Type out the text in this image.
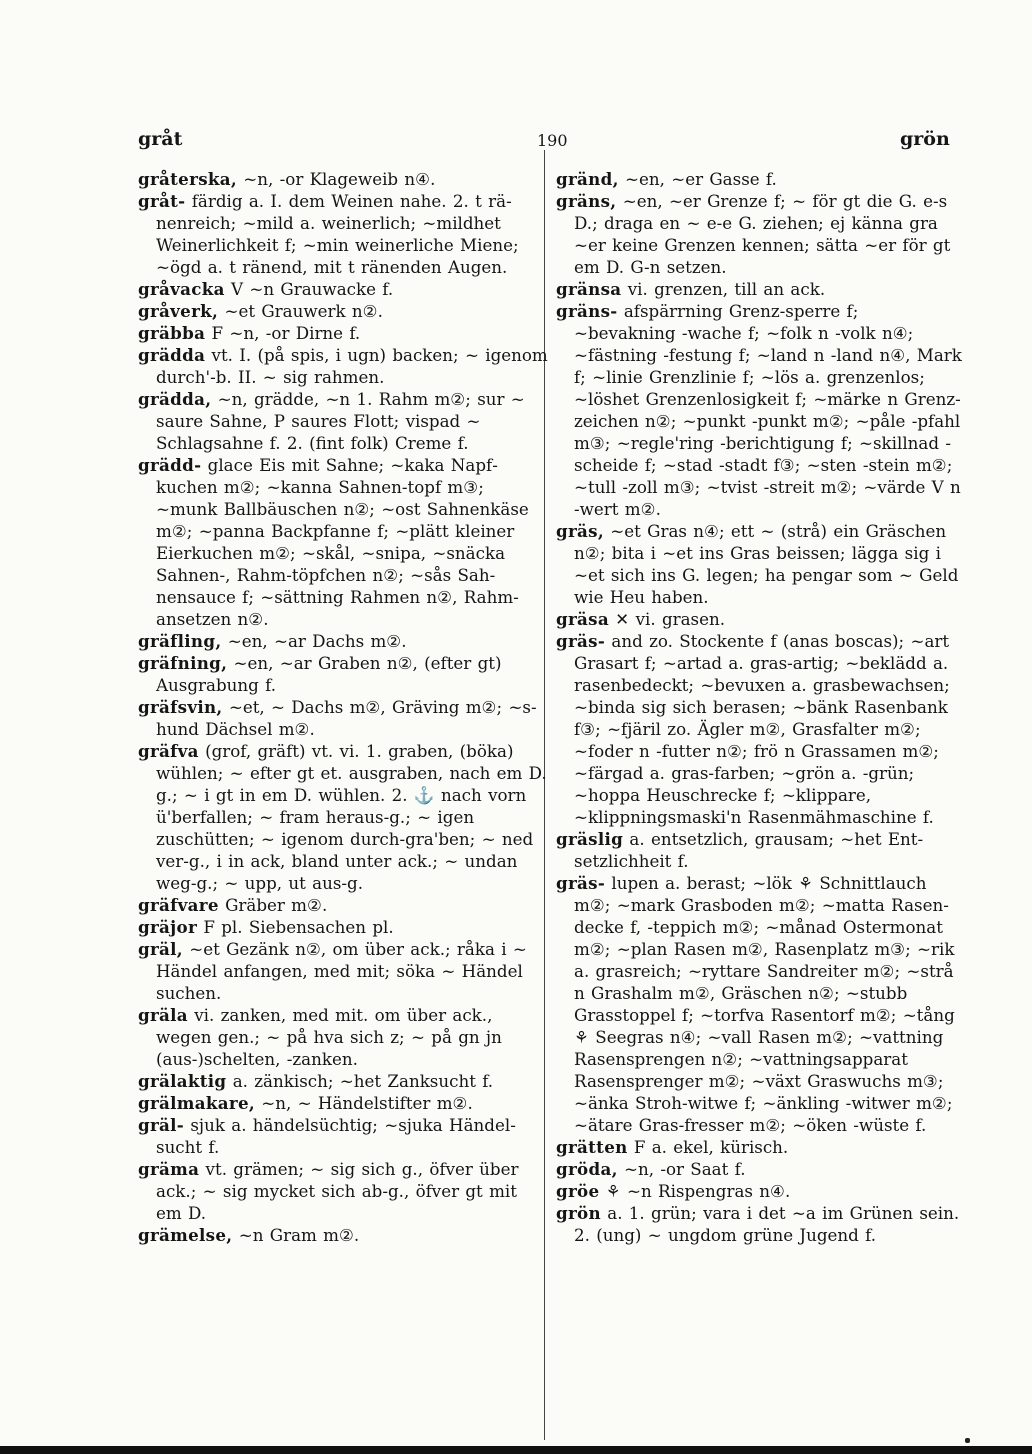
gråt	190	grön

gråterska, ~n, -or Klageweib n④.

gråt- färdig a. I. dem Weinen nahe. 2. t ränenreich; ~mild a. weinerlich; ~mildhet Weinerlichkeit f; ~min weinerliche Miene; ~ögd a. t ränend, mit t ränenden Augen.

gråvacka V ~n Grauwacke f.

gråverk, ~et Grauwerk n②.

gräbba F ~n, -or Dirne f.

grädda vt. I. (på spis, i ugn) backen; ~ igenom durch'-b. II. ~ sig rahmen.

grädda, ~n, grädde, ~n 1. Rahm m②; sur ~ saure Sahne, P saures Flott; vispad ~ Schlagsahne f. 2. (fint folk) Creme f.

grädd- glace Eis mit Sahne; ~kaka Napfkuchen m②; ~kanna Sahnen-topf m③; ~munk Ballbäuschen n②; ~ost Sahnenkäse m②; ~panna Backpfanne f; ~plätt kleiner Eierkuchen m②; ~skål, ~snipa, ~snäcka Sahnen-, Rahm-töpfchen n②; ~sås Sahnensauce f; ~sättning Rahmen n②, Rahmansetzen n②.

gräfling, ~en, ~ar Dachs m②.

gräfning, ~en, ~ar Graben n②, (efter gt) Ausgrabung f.

gräfsvin, ~et, ~ Dachs m②, Gräving m②; ~s-hund Dächsel m②.

gräfva (grof, gräft) vt. vi. 1. graben, (böka) wühlen; ~ efter gt et. ausgraben, nach em D. g.; ~ i gt in em D. wühlen. 2. ⚓ nach vorn ü'berfallen; ~ fram heraus-g.; ~ igen zuschütten; ~ igenom durch-gra'ben; ~ ned ver-g., i in ack, bland unter ack.; ~ undan weg-g.; ~ upp, ut aus-g.

gräfvare Gräber m②.

gräjor F pl. Siebensachen pl.

gräl, ~et Gezänk n②, om über ack.; råka i ~ Händel anfangen, med mit; söka ~ Händel suchen.

gräla vi. zanken, med mit. om über ack., wegen gen.; ~ på hva sich z; ~ på gn jn (aus-)schelten, -zanken.

grälaktig a. zänkisch; ~het Zanksucht f.

grälmakare, ~n, ~ Händelstifter m②.

gräl- sjuk a. händelsüchtig; ~sjuka Händelsucht f.

gräma vt. grämen; ~ sig sich g., öfver über ack.; ~ sig mycket sich ab-g., öfver gt mit em D.

grämelse, ~n Gram m②.

gränd, ~en, ~er Gasse f.

gräns, ~en, ~er Grenze f; ~ för gt die G. e-s D.; draga en ~ e-e G. ziehen; ej känna gra ~er keine Grenzen kennen; sätta ~er för gt em D. G-n setzen.

gränsa vi. grenzen, till an ack.

gräns- afspärrning Grenz-sperre f; ~bevakning -wache f; ~folk n -volk n④; ~fästning -festung f; ~land n -land n④, Mark f; ~linie Grenzlinie f; ~lös a. grenzenlos; ~löshet Grenzenlosigkeit f; ~märke n Grenz-zeichen n②; ~punkt -punkt m②; ~påle -pfahl m③; ~regle'ring -berichtigung f; ~skillnad -scheide f; ~stad -stadt f③; ~sten -stein m②; ~tull -zoll m③; ~tvist -streit m②; ~värde V n -wert m②.

gräs, ~et Gras n④; ett ~ (strå) ein Gräschen n②; bita i ~et ins Gras beissen; lägga sig i ~et sich ins G. legen; ha pengar som ~ Geld wie Heu haben.

gräsa ✕ vi. grasen.

gräs- and zo. Stockente f (anas boscas); ~art Grasart f; ~artad a. gras-artig; ~beklädd a. rasenbedeckt; ~bevuxen a. grasbewachsen; ~binda sig sich berasen; ~bänk Rasenbank f③; ~fjäril zo. Ägler m②, Grasfalter m②; ~foder n -futter n②; frö n Grassamen m②; ~färgad a. gras-farben; ~grön a. -grün; ~hoppa Heuschrecke f; ~klippare, ~klippningsmaski'n Rasenmähmaschine f.

gräslig a. entsetzlich, grausam; ~het Entsetzlichheit f.

gräs- lupen a. berast; ~lök ⚘ Schnittlauch m②; ~mark Grasboden m②; ~matta Rasendecke f, -teppich m②; ~månad Ostermonat m②; ~plan Rasen m②, Rasenplatz m③; ~rik a. grasreich; ~ryttare Sandreiter m②; ~strå n Grashalm m②, Gräschen n②; ~stubb Grasstoppel f; ~torfva Rasentorf m②; ~tång ⚘ Seegras n④; ~vall Rasen m②; ~vattning Rasensprengen n②; ~vattningsapparat Rasensprenger m②; ~växt Graswuchs m③; ~änka Stroh-witwe f; ~änkling -witwer m②; ~ätare Gras-fresser m②; ~öken -wüste f.

grätten F a. ekel, kürisch.

gröda, ~n, -or Saat f.

gröe ⚘ ~n Rispengras n④.

grön a. 1. grün; vara i det ~a im Grünen sein. 2. (ung) ~ ungdom grüne Jugend f.
